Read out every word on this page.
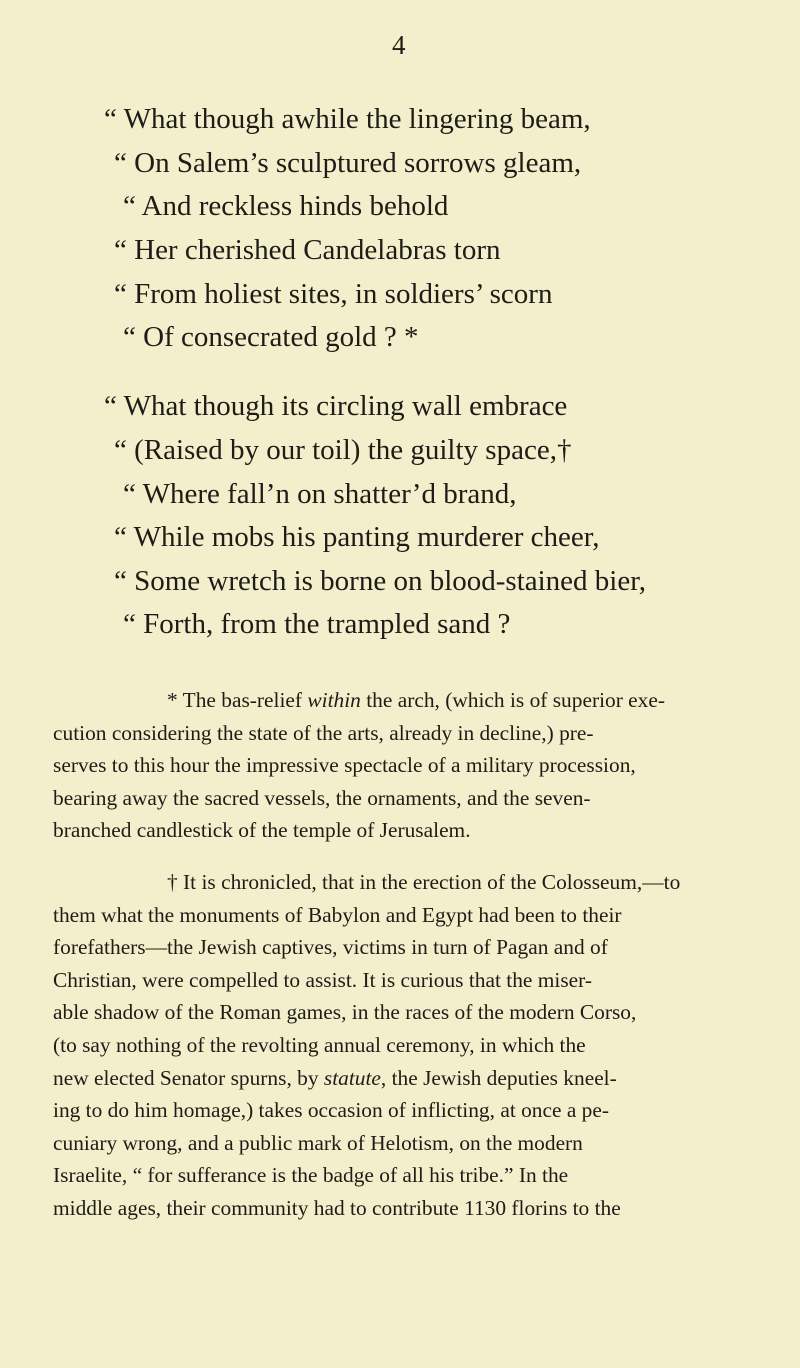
4
“ What though awhile the lingering beam,
“ On Salem’s sculptured sorrows gleam,
“ And reckless hinds behold
“ Her cherished Candelabras torn
“ From holiest sites, in soldiers’ scorn
“ Of consecrated gold ? *
“ What though its circling wall embrace
“ (Raised by our toil) the guilty space,†
“ Where fall’n on shatter’d brand,
“ While mobs his panting murderer cheer,
“ Some wretch is borne on blood-stained bier,
“ Forth, from the trampled sand ?
* The bas-relief within the arch, (which is of superior exe-
cution considering the state of the arts, already in decline,) pre-
serves to this hour the impressive spectacle of a military procession,
bearing away the sacred vessels, the ornaments, and the seven-
branched candlestick of the temple of Jerusalem.
† It is chronicled, that in the erection of the Colosseum,—to
them what the monuments of Babylon and Egypt had been to their
forefathers—the Jewish captives, victims in turn of Pagan and of
Christian, were compelled to assist. It is curious that the miser-
able shadow of the Roman games, in the races of the modern Corso,
(to say nothing of the revolting annual ceremony, in which the
new elected Senator spurns, by statute, the Jewish deputies kneel-
ing to do him homage,) takes occasion of inflicting, at once a pe-
cuniary wrong, and a public mark of Helotism, on the modern
Israelite, “ for sufferance is the badge of all his tribe.” In the
middle ages, their community had to contribute 1130 florins to the
